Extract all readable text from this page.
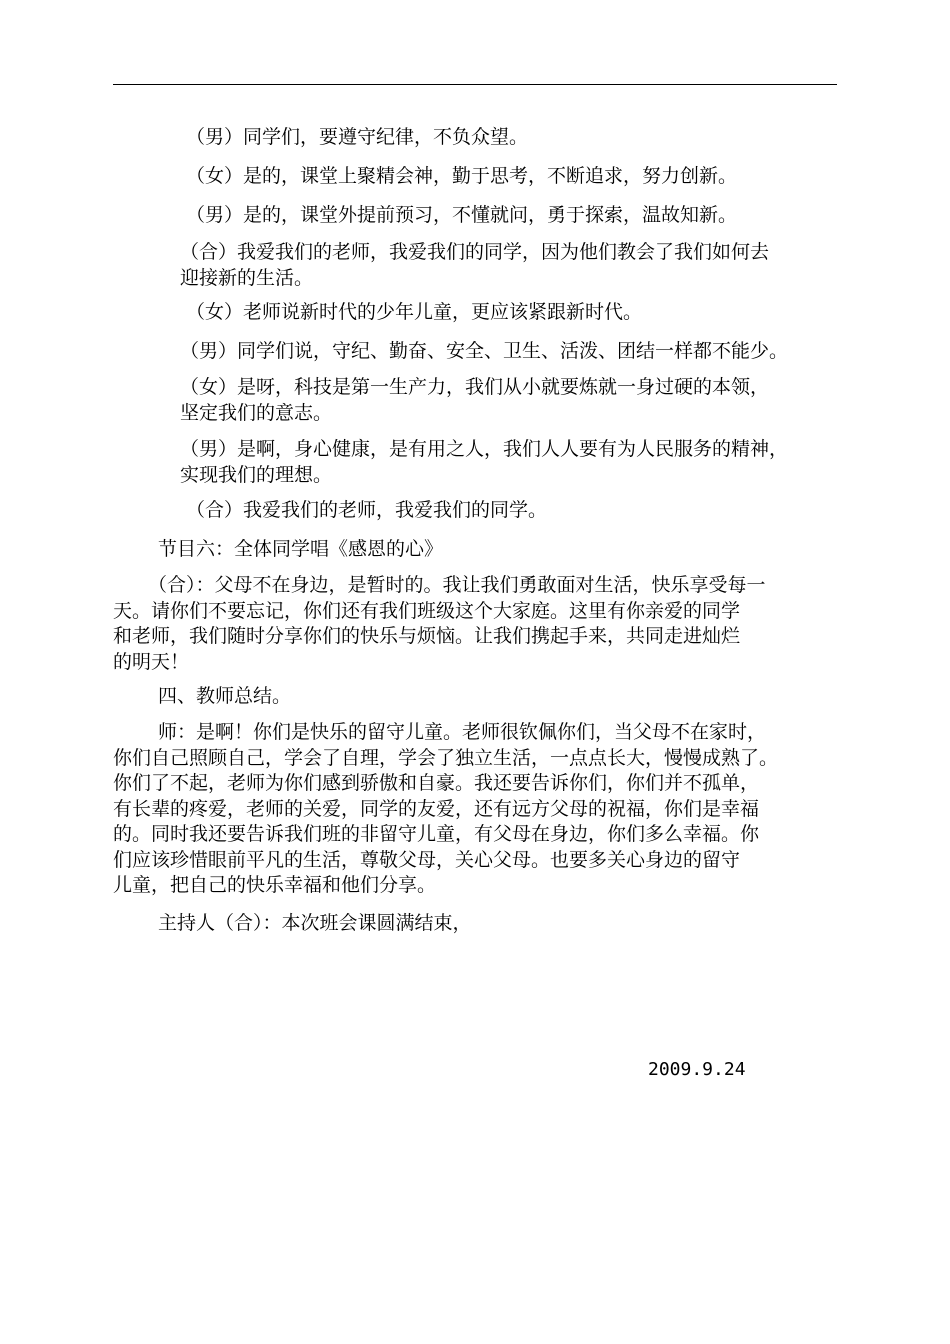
（男）同学们，要遵守纪律，不负众望。
（女）是的，课堂上聚精会神，勤于思考，不断追求，努力创新。
（男）是的，课堂外提前预习，不懂就问，勇于探索，温故知新。

（合）我爱我们的老师，我爱我们的同学，因为他们教会了我们如何去

迎接新的生活。

（女）老师说新时代的少年儿童，更应该紧跟新时代。
（男）同学们说，守纪、勤奋、安全、卫生、活泼、团结一样都不能少。

（女）是呀，科技是第一生产力，我们从小就要炼就一身过硬的本领，

坚定我们的意志。

（男）是啊，身心健康，是有用之人，我们人人要有为人民服务的精神，

实现我们的理想。

（合）我爱我们的老师，我爱我们的同学。
节目六：全体同学唱《感恩的心》

（合）：父母不在身边，是暂时的。我让我们勇敢面对生活，快乐享受每一

天。请你们不要忘记，你们还有我们班级这个大家庭。这里有你亲爱的同学

和老师，我们随时分享你们的快乐与烦恼。让我们携起手来，共同走进灿烂

的明天！

四、教师总结。

师：是啊！你们是快乐的留守儿童。老师很钦佩你们，当父母不在家时，

你们自己照顾自己，学会了自理，学会了独立生活，一点点长大，慢慢成熟了。

你们了不起，老师为你们感到骄傲和自豪。我还要告诉你们，你们并不孤单，

有长辈的疼爱，老师的关爱，同学的友爱，还有远方父母的祝福，你们是幸福

的。同时我还要告诉我们班的非留守儿童，有父母在身边，你们多么幸福。你

们应该珍惜眼前平凡的生活，尊敬父母，关心父母。也要多关心身边的留守

儿童，把自己的快乐幸福和他们分享。

主持人（合）：本次班会课圆满结束，
2009.9.24
